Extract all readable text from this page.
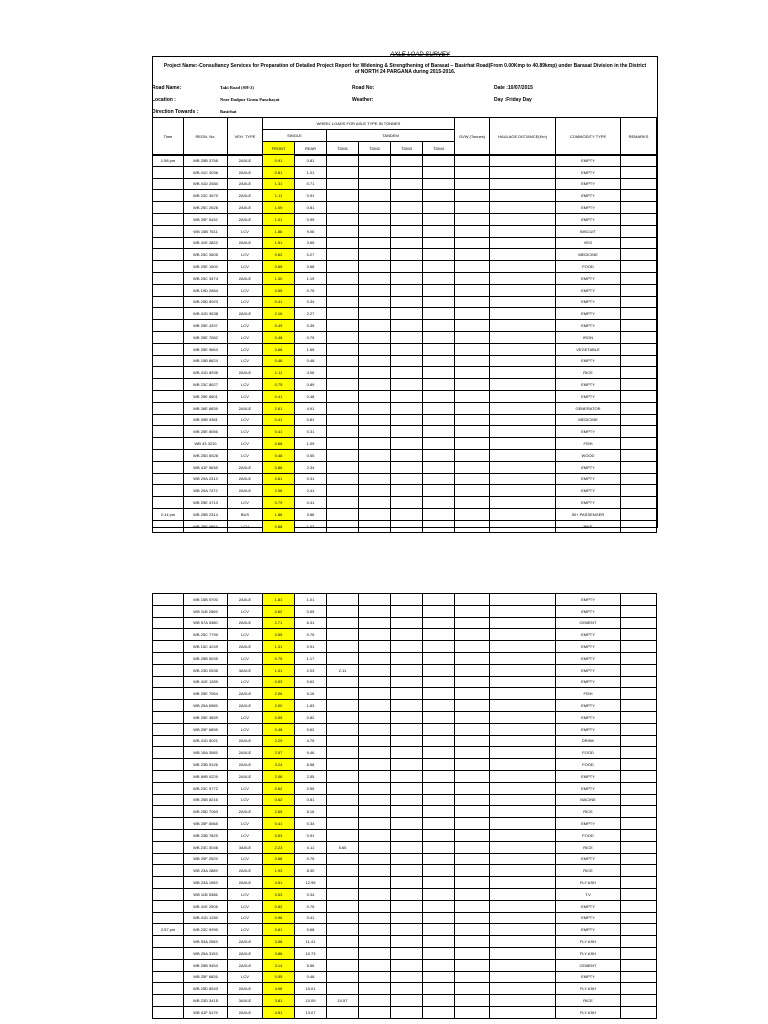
AXLE LOAD SURVEY
Project Name:-Consultancy Services for Preparation of Detailed Project Report for Widening & Strengthening of Barasat – Basirhat Road(From 0.00Kmp to 40.89kmp) under Barasat Division in the District of NORTH 24 PARGANA during 2015-2016.
Road Name:	Taki Road (SH-2)	Road No:	Date :10/07/2015
Location :	Near Dadpur Gram Panchayat	Weather:	Day :Friday Day
Direction Towards :	Basirhat
Time	REGN. No.	VEH. TYPE	WHEEL LOADS FOR AXLE TYPE IN TONNES						GVW (Tonnes)	HAULAGE DISTANCE(Km)	COMMODITY TYPE	REMARKS
			SINGLE		TANDEM							
			FRONT	REAR	TDM1	TDM2	TDM3	TDM4				
1:58 pm	WB 25B 3758	2AXLE	0.91	0.81							EMPTY	
	WB 41C 3036	2AXLE	0.81	1.01							EMPTY	
	WB 41D 2684	2AXLE	1.31	0.71							EMPTY	
	WB 23C 3670	2AXLE	1.11	0.91							EMPTY	
	WB 25C 2626	2AXLE	1.09	0.81							EMPTY	
	WB 25F 5432	2AXLE	1.01	0.99							EMPTY	
	WB 15B 7611	LCV	1.86	9.06							BISCUIT	
	WB 41E 2822	2AXLE	1.51	3.65							VEG	
	WB 25C 3605	LCV	0.62	0.27							MEDICINE	
	WB 25E 1500	LCV	0.65	0.68							FOOD	
	WB 25C 3474	2AXLE	1.30	1.19							EMPTY	
	WB 19D 2864	LCV	0.55	0.75							EMPTY	
	WB 25D 8923	LCV	0.41	0.34							EMPTY	
	WB 41D 9638	2AXLE	2.16	2.27							EMPTY	
	WB 25E 4337	LCV	0.49	0.35							EMPTY	
	WB 25E 7082	LCV	0.48	0.75							IRON	
	WB 25E 9663	LCV	0.68	1.65							VEGETABLE	
	WB 15B 8624	LCV	0.48	0.48							EMPTY	
	WB 41D 8935	2AXLE	1.11	4.06							RICE	
	WB 23C 8627	LCV	0.75	0.89							EMPTY	
	WB 25E 6601	LCV	0.41	0.48							EMPTY	
	WB 26E 8839	2AXLE	2.61	4.91							GENERATOR	
	WB 09B 9381	LCV	0.41	0.81							MEDICINE	
	WB 25E 8056	LCV	0.41	0.31							EMPTY	
	WB 43 3210	LCV	0.68	1.09							FISH	
	WB 25D 6528	LCV	0.48	0.55							WOOD	
	WB 41F 5638	2AXLE	0.86	2.34							EMPTY	
	WB 29A 2313	2AXLE	0.81	0.31							EMPTY	
	WB 25A 7472	2AXLE	2.06	2.41							EMPTY	
	WB 25E 4713	LCV	0.79	0.41							EMPTY	
2:14 pm	WB 25B 2314	BUS	1.86	3.86							50+ PASSENGER	
	WB 25F 0964	LCV	0.88	1.03							BIKE	
	WB 15B 5700	2AXLE	1.81	1.01							EMPTY	
	WB 11B 2869	LCV	0.62	0.55							EMPTY	
	WB 57A 5380	2AXLE	2.71	6.31							CEMENT	
	WB 25C 7790	LCV	0.55	0.75							EMPTY	
	WB 15C 4249	2AXLE	1.31	0.91							EMPTY	
	WB 25B 5035	LCV	0.75	1.17							EMPTY	
	WB 23D 0535	3AXLE	1.01	2.03	2.11						EMPTY	
	WB 41E 1289	LCV	0.53	0.62							EMPTY	
	WB 25E 7064	2AXLE	2.06	5.16							FISH	
	WB 25A 6985	2AXLE	2.00	1.83							EMPTY	
	WB 25E 3659	LCV	0.55	0.82							EMPTY	
	WB 25F 6898	LCV	0.48	0.62							EMPTY	
	WB 41D 8021	2AXLE	2.29	4.75							DRINK	
	WB 15A 3085	2AXLE	2.57	9.46							FOOD	
	WB 23B 5126	2AXLE	3.24	8.58							FOOD	
	WB 69B 0229	2AXLE	2.06	2.55							EMPTY	
	WB 23C 9772	LCV	0.62	0.55							EMPTY	
	WB 25B 8216	LCV	0.62	0.81							MACINE	
	WB 25D 7063	2AXLE	2.65	8.16							RICE	
	WB 25F 5068	LCV	0.41	0.34							EMPTY	
	WB 23B 7829	LCV	0.53	0.91							FOOD	
	WB 23C 3046	3AXLE	2.23	4.11	5.65						RICE	
	WB 25F 2529	LCV	0.68	0.75							EMPTY	
	WB 23A 2889	2AXLE	1.93	8.30							RICE	
	WB 23A 1983	2AXLE	4.51	12.95							FLY ASH	
	WB 11B 5386	LCV	0.53	0.34							T.V	
	WB 41E 2506	LCV	0.82	0.75							EMPTY	
	WB 41D 1280	LCV	0.96	0.41							EMPTY	
2:57 pm	WB 23C 9990	LCV	0.81	0.68							EMPTY	
	WB 53A 2583	2AXLE	3.58	11.41							FLY ASH	
	WB 25A 3153	2AXLE	3.86	10.73							FLY ASH	
	WB 25B 9453	2AXLE	3.14	5.56							CEMENT	
	WB 25F 6826	LCV	0.55	0.48							EMPTY	
	WB 25D 8543	2AXLE	4.06	10.01							FLY ASH	
	WB 23D 3415	3AXLE	3.81	10.09	10.57						RICE	
	WB 41F 5179	2AXLE	4.51	13.07							FLY ASH	
